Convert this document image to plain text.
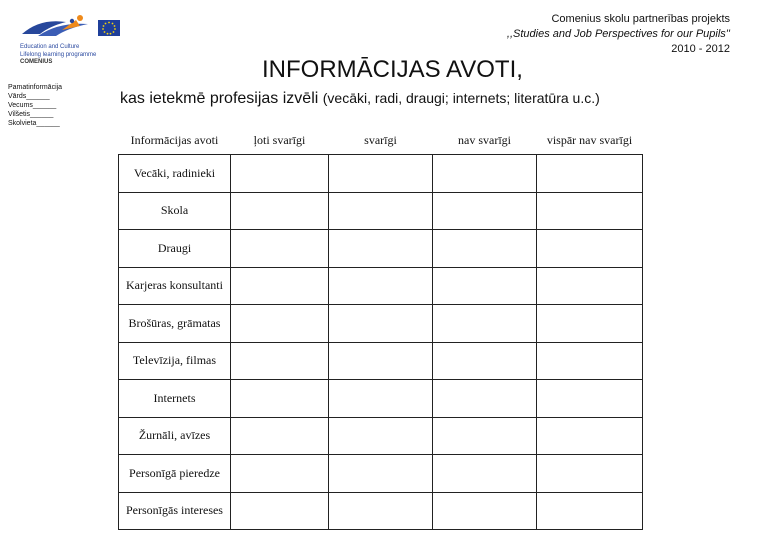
Education and Culture
Lifelong learning programme
COMENIUS
Pamatinformācija
Vārds______
Vecums______
Vilšetis______
Skolvieta______
Comenius skolu partnerības projekts
,,Studies and Job Perspectives for our Pupils''
2010 - 2012
INFORMĀCIJAS AVOTI,
kas ietekmē profesijas izvēli (vecāki, radi, draugi; internets; literatūra u.c.)
Informācijas avoti	ļoti svarīgi	svarīgi	nav svarīgi	vispār nav svarīgi
Vecāki, radinieki				
Skola				
Draugi				
Karjeras konsultanti				
Brošūras, grāmatas				
Televīzija, filmas				
Internets				
Žurnāli, avīzes				
Personīgā pieredze				
Personīgās intereses				
